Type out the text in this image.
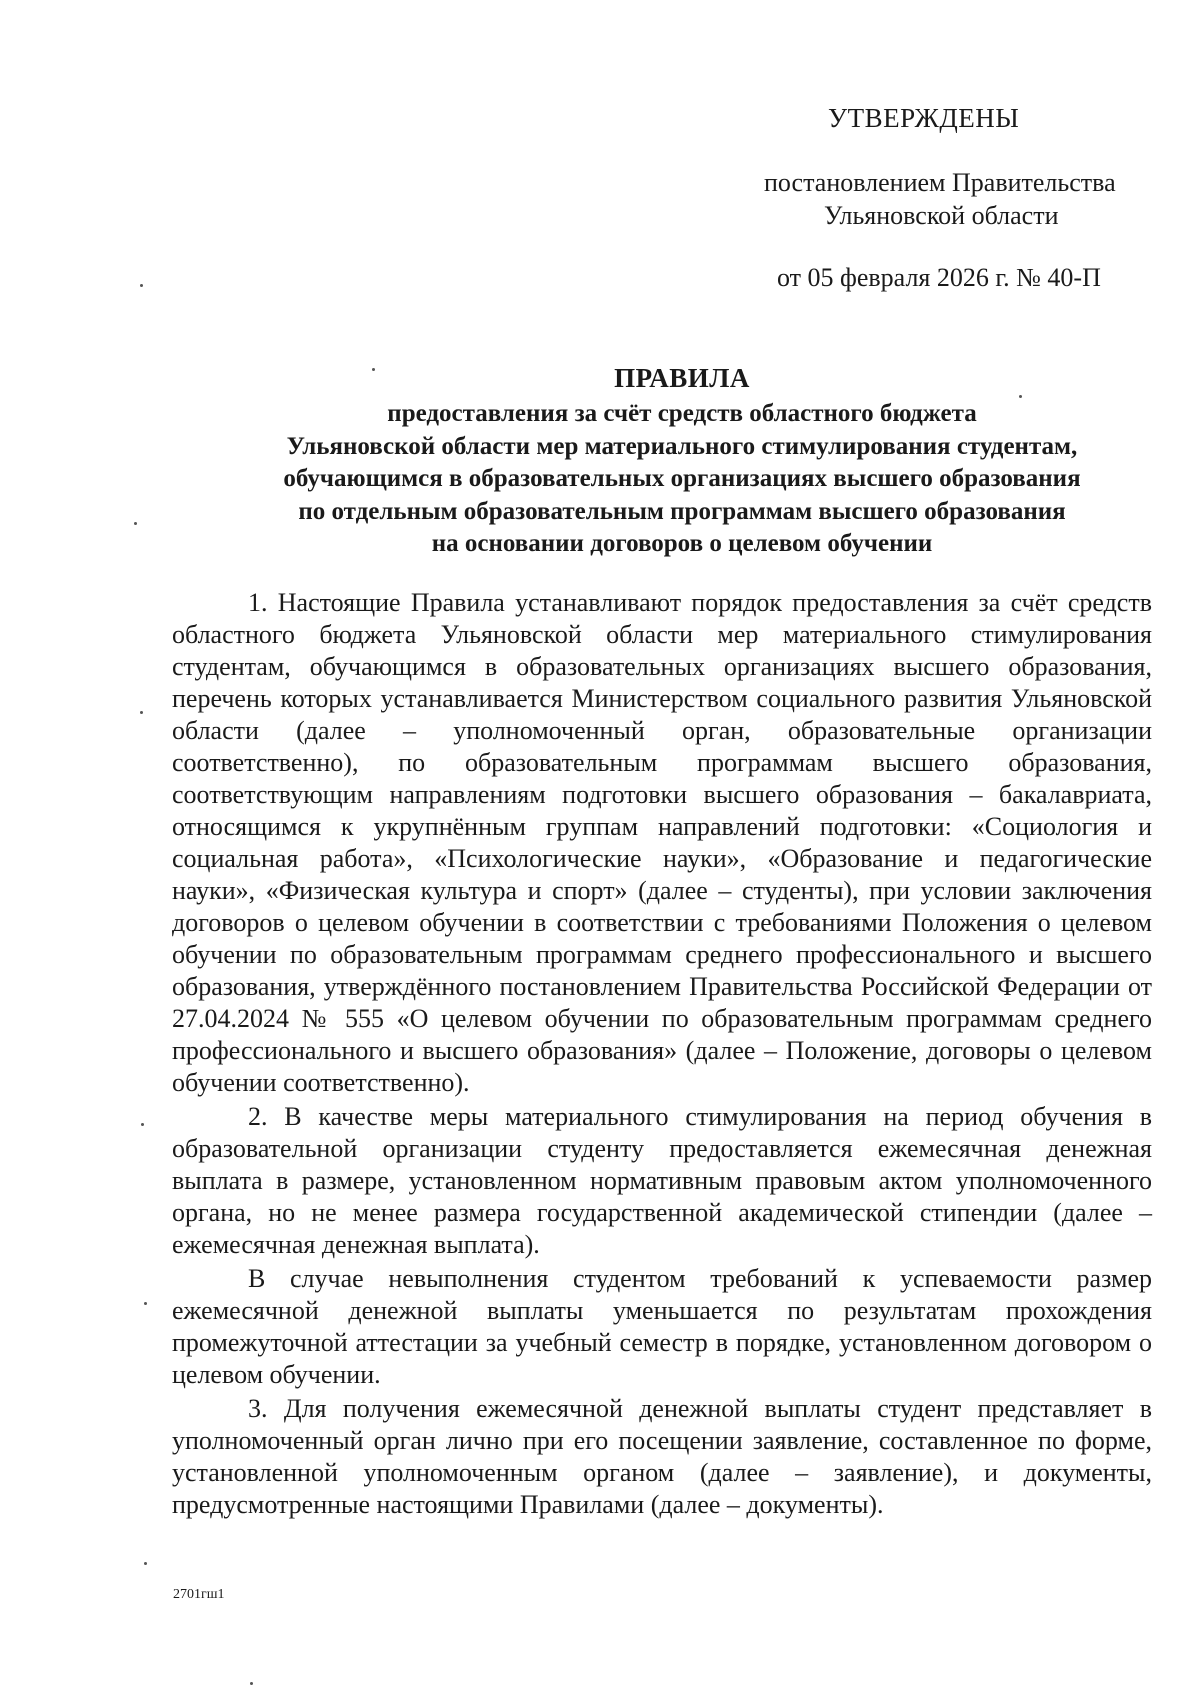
УТВЕРЖДЕНЫ
постановлением Правительства
Ульяновской области
от 05 февраля 2026 г. № 40-П
ПРАВИЛА
предоставления за счёт средств областного бюджета
Ульяновской области мер материального стимулирования студентам,
обучающимся в образовательных организациях высшего образования
по отдельным образовательным программам высшего образования
на основании договоров о целевом обучении

1. Настоящие Правила устанавливают порядок предоставления за счёт средств областного бюджета Ульяновской области мер материального стимулирования студентам, обучающимся в образовательных организациях высшего образования, перечень которых устанавливается Министерством социального развития Ульяновской области (далее – уполномоченный орган, образовательные организации соответственно), по образовательным программам высшего образования, соответствующим направлениям подготовки высшего образования – бакалавриата, относящимся к укрупнённым группам направлений подготовки: «Социология и социальная работа», «Психологические науки», «Образование и педагогические науки», «Физическая культура и спорт» (далее – студенты), при условии заключения договоров о целевом обучении в соответствии с требованиями Положения о целевом обучении по образовательным программам среднего профессионального и высшего образования, утверждённого постановлением Правительства Российской Федерации от 27.04.2024 № 555 «О целевом обучении по образовательным программам среднего профессионального и высшего образования» (далее – Положение, договоры о целевом обучении соответственно).

2. В качестве меры материального стимулирования на период обучения в образовательной организации студенту предоставляется ежемесячная денежная выплата в размере, установленном нормативным правовым актом уполномоченного органа, но не менее размера государственной академической стипендии (далее – ежемесячная денежная выплата).

В случае невыполнения студентом требований к успеваемости размер ежемесячной денежной выплаты уменьшается по результатам прохождения промежуточной аттестации за учебный семестр в порядке, установленном договором о целевом обучении.

3. Для получения ежемесячной денежной выплаты студент представляет в уполномоченный орган лично при его посещении заявление, составленное по форме, установленной уполномоченным органом (далее – заявление), и документы, предусмотренные настоящими Правилами (далее – документы).

2701гш1
